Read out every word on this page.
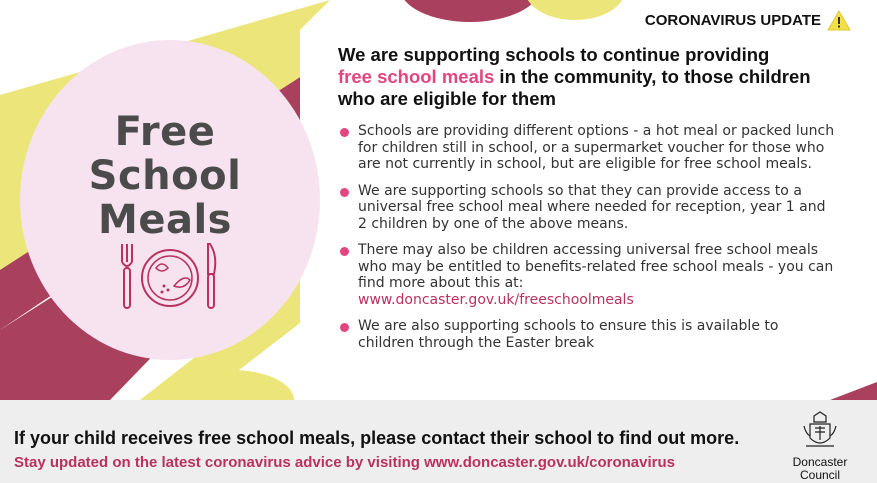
Free
School
Meals
CORONAVIRUS UPDATE
We are supporting schools to continue providing
free school meals in the community, to those children
who are eligible for them
Schools are providing different options - a hot meal or packed lunch for children still in school, or a supermarket voucher for those who are not currently in school, but are eligible for free school meals.
We are supporting schools so that they can provide access to a universal free school meal where needed for reception, year 1 and 2 children by one of the above means.
There may also be children accessing universal free school meals who may be entitled to benefits-related free school meals - you can find more about this at:
www.doncaster.gov.uk/freeschoolmeals
We are also supporting schools to ensure this is available to children through the Easter break
If your child receives free school meals, please contact their school to find out more.
Stay updated on the latest coronavirus advice by visiting www.doncaster.gov.uk/coronavirus	Doncaster
Council
